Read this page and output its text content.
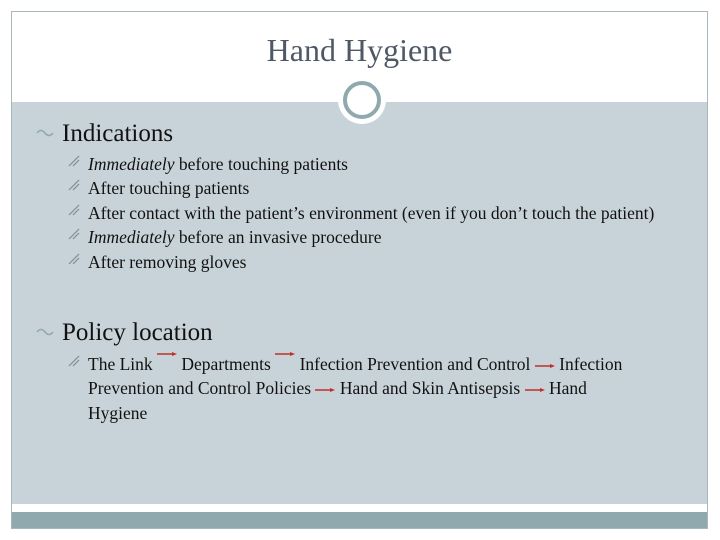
Hand Hygiene
Indications
Immediately before touching patients
After touching patients
After contact with the patient’s environment (even if you don’t touch the patient)
Immediately before an invasive procedure
After removing gloves
Policy location
The Link Departments Infection Prevention and Control Infection Prevention and Control Policies Hand and Skin Antisepsis Hand Hygiene
